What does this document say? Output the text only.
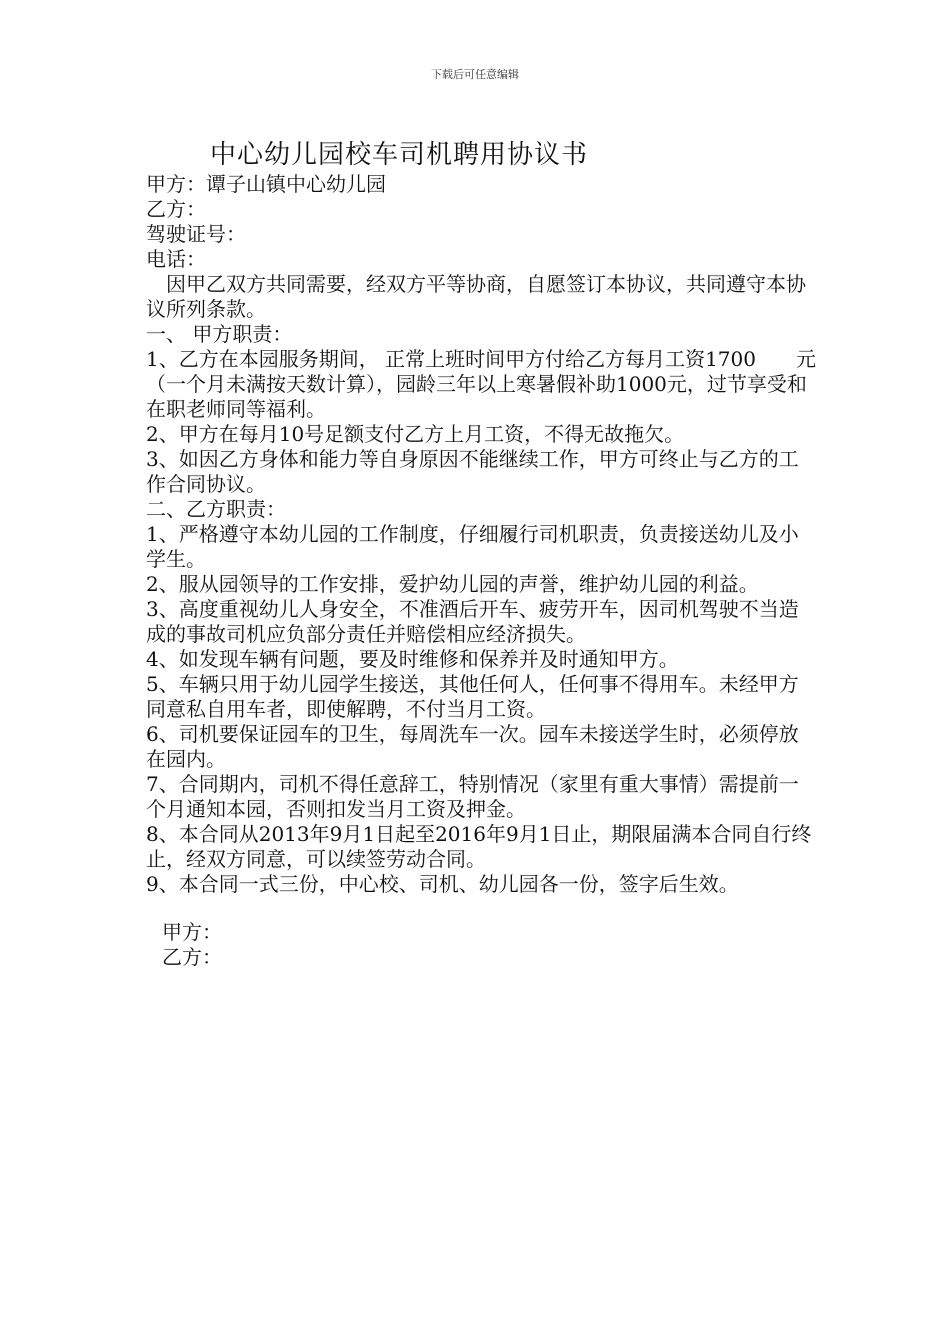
下载后可任意编辑
中心幼儿园校车司机聘用协议书
甲方：谭子山镇中心幼儿园
乙方：
驾驶证号：
电话：
因甲乙双方共同需要，经双方平等协商，自愿签订本协议，共同遵守本协议所列条款。
一、 甲方职责：
1、乙方在本园服务期间， 正常上班时间甲方付给乙方每月工资1700　　元（一个月未满按天数计算），园龄三年以上寒暑假补助1000元，过节享受和在职老师同等福利。
2、甲方在每月10号足额支付乙方上月工资，不得无故拖欠。
3、如因乙方身体和能力等自身原因不能继续工作，甲方可终止与乙方的工作合同协议。
二、乙方职责：
1、严格遵守本幼儿园的工作制度，仔细履行司机职责，负责接送幼儿及小学生。
2、服从园领导的工作安排，爱护幼儿园的声誉，维护幼儿园的利益。
3、高度重视幼儿人身安全，不准酒后开车、疲劳开车，因司机驾驶不当造成的事故司机应负部分责任并赔偿相应经济损失。
4、如发现车辆有问题，要及时维修和保养并及时通知甲方。
5、车辆只用于幼儿园学生接送，其他任何人，任何事不得用车。未经甲方同意私自用车者，即使解聘，不付当月工资。
6、司机要保证园车的卫生，每周洗车一次。园车未接送学生时，必须停放在园内。
7、合同期内，司机不得任意辞工，特别情况（家里有重大事情）需提前一个月通知本园，否则扣发当月工资及押金。
8、本合同从2013年9月1日起至2016年9月1日止，期限届满本合同自行终止，经双方同意，可以续签劳动合同。
9、本合同一式三份，中心校、司机、幼儿园各一份，签字后生效。
甲方：
乙方：
